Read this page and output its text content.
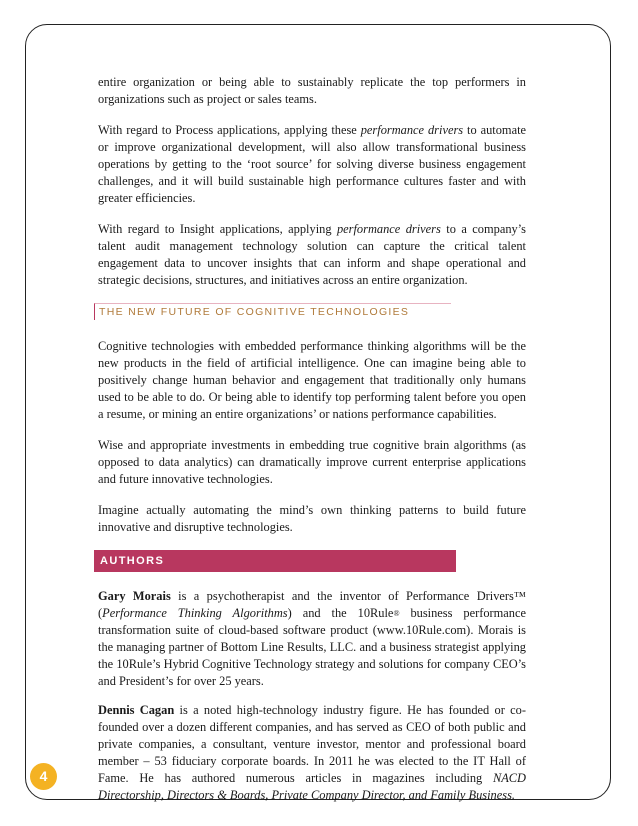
entire organization or being able to sustainably replicate the top performers in organizations such as project or sales teams.

With regard to Process applications, applying these performance drivers to automate or improve organizational development, will also allow transformational business operations by getting to the ‘root source’ for solving diverse business engagement challenges, and it will build sustainable high performance cultures faster and with greater efficiencies.

With regard to Insight applications, applying performance drivers to a company’s talent audit management technology solution can capture the critical talent engagement data to uncover insights that can inform and shape operational and strategic decisions, structures, and initiatives across an entire organization.

THE NEW FUTURE OF COGNITIVE TECHNOLOGIES

Cognitive technologies with embedded performance thinking algorithms will be the new products in the field of artificial intelligence. One can imagine being able to positively change human behavior and engagement that traditionally only humans used to be able to do. Or being able to identify top performing talent before you open a resume, or mining an entire organizations’ or nations performance capabilities.

Wise and appropriate investments in embedding true cognitive brain algorithms (as opposed to data analytics) can dramatically improve current enterprise applications and future innovative technologies.

Imagine actually automating the mind’s own thinking patterns to build future innovative and disruptive technologies.

AUTHORS

Gary Morais is a psychotherapist and the inventor of Performance Drivers™ (Performance Thinking Algorithms) and the 10Rule® business performance transformation suite of cloud-based software product (www.10Rule.com). Morais is the managing partner of Bottom Line Results, LLC. and a business strategist applying the 10Rule’s Hybrid Cognitive Technology strategy and solutions for company CEO’s and President’s for over 25 years.

Dennis Cagan is a noted high-technology industry figure. He has founded or co-founded over a dozen different companies, and has served as CEO of both public and private companies, a consultant, venture investor, mentor and professional board member – 53 fiduciary corporate boards. In 2011 he was elected to the IT Hall of Fame. He has authored numerous articles in magazines including NACD Directorship, Directors & Boards, Private Company Director, and Family Business.

4
